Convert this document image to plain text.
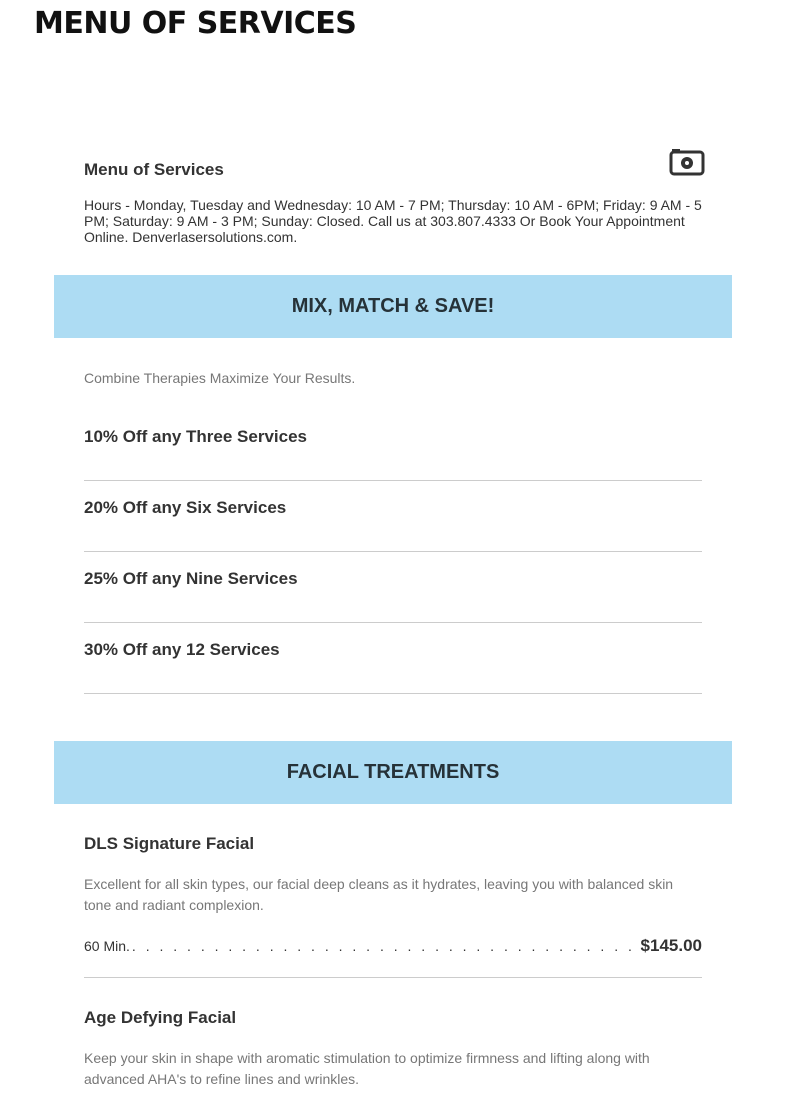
MENU OF SERVICES
Menu of Services
Hours - Monday, Tuesday and Wednesday: 10 AM - 7 PM; Thursday: 10 AM - 6PM; Friday: 9 AM - 5 PM; Saturday: 9 AM - 3 PM; Sunday: Closed. Call us at 303.807.4333 Or Book Your Appointment Online. Denverlasersolutions.com.
MIX, MATCH & SAVE!
Combine Therapies Maximize Your Results.
10% Off any Three Services
20% Off any Six Services
25% Off any Nine Services
30% Off any 12 Services
FACIAL TREATMENTS
DLS Signature Facial
Excellent for all skin types, our facial deep cleans as it hydrates, leaving you with balanced skin tone and radiant complexion.
60 Min. . . .	$145.00
Age Defying Facial
Keep your skin in shape with aromatic stimulation to optimize firmness and lifting along with advanced AHA's to refine lines and wrinkles.
